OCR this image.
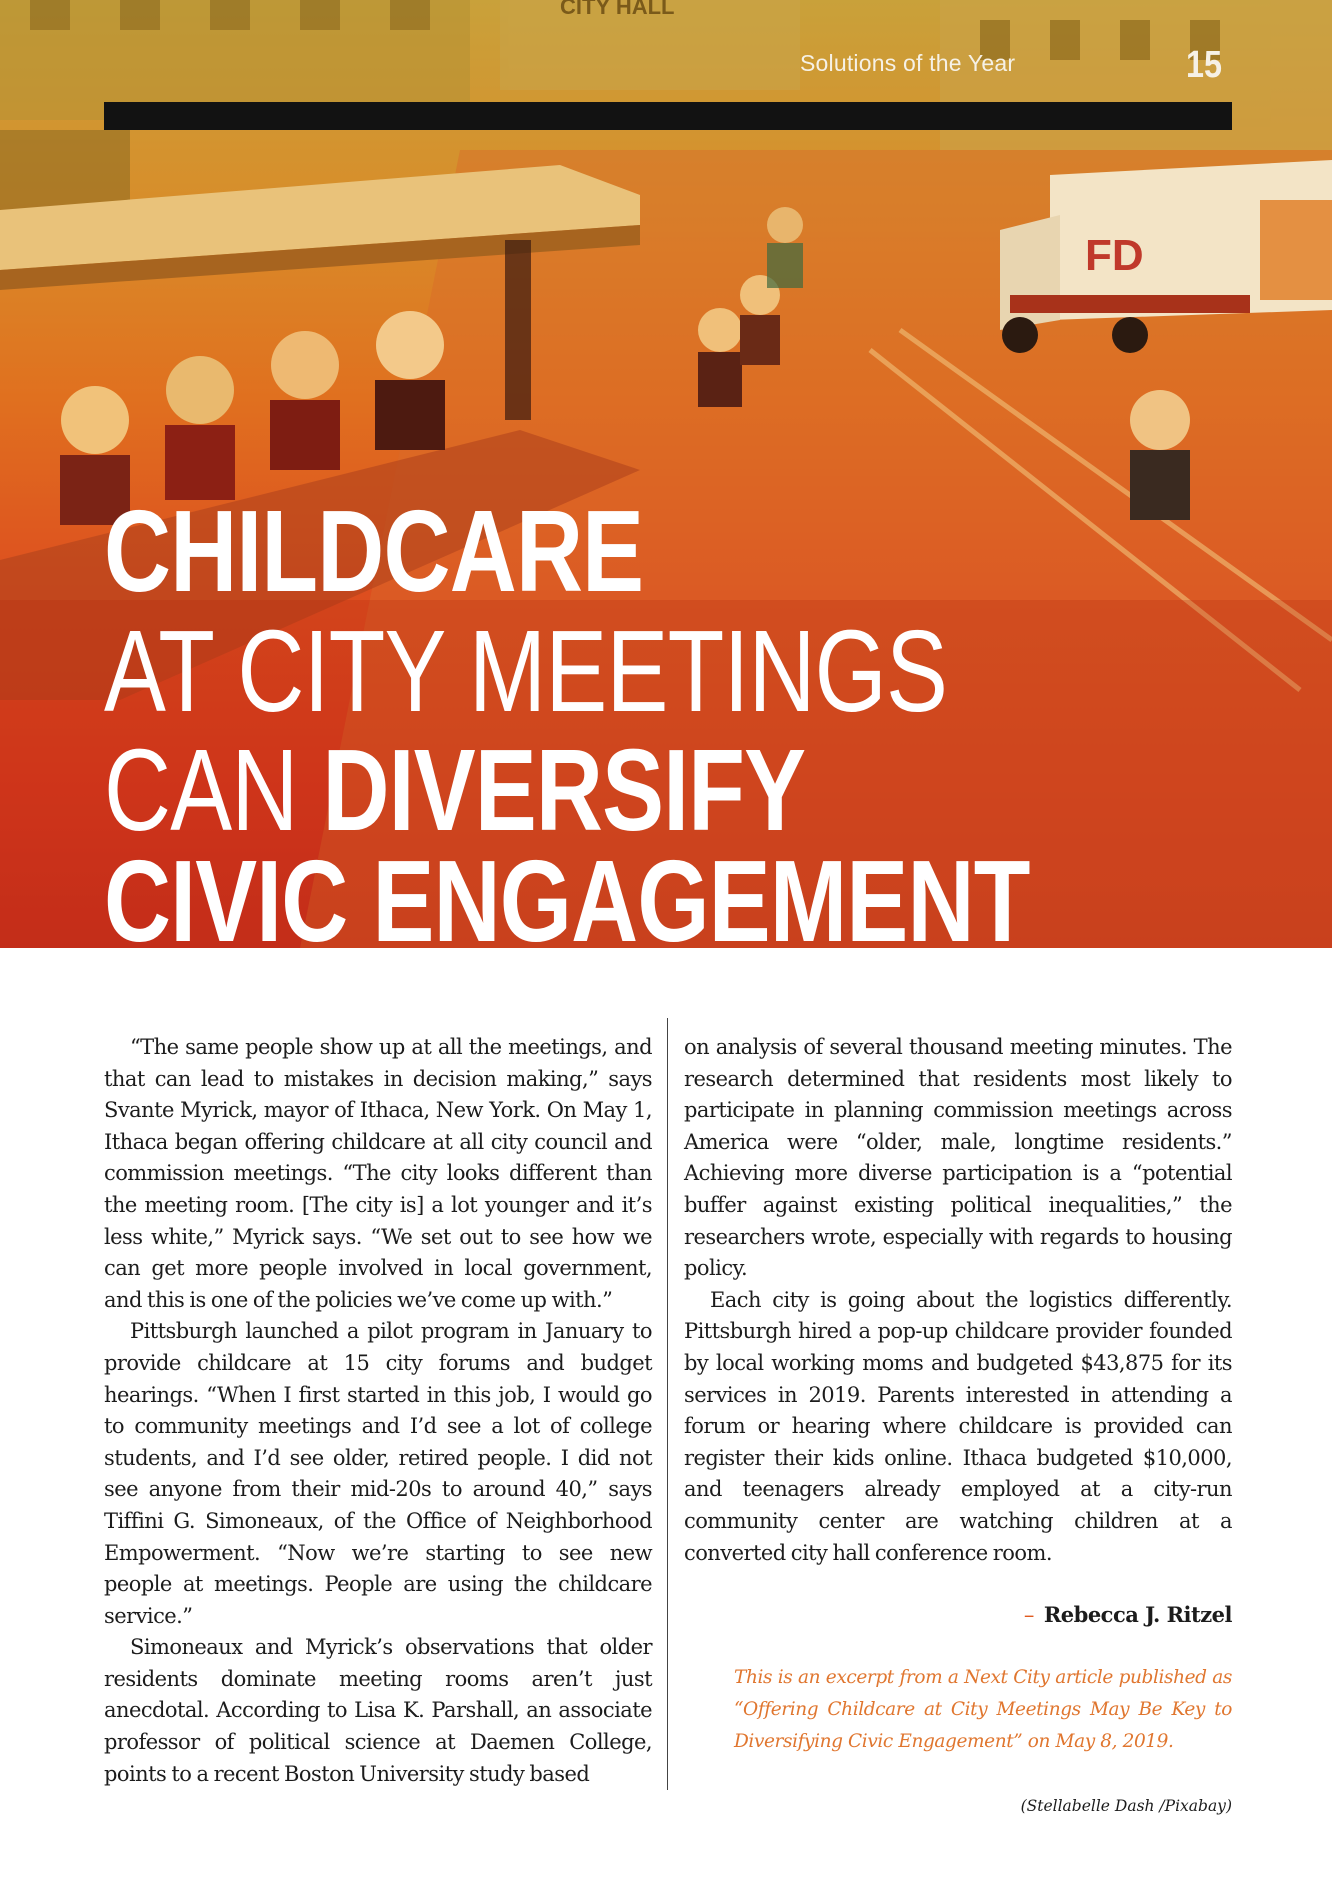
CITY HALL
FD
Solutions of the Year	15
CHILDCARE
AT CITY MEETINGS
CAN DIVERSIFY
CIVIC ENGAGEMENT

“The same people show up at all the meetings, and that can lead to mistakes in decision making,” says Svante Myrick, mayor of Ithaca, New York. On May 1, Ithaca began offering childcare at all city council and commission meetings. “The city looks different than the meeting room. [The city is] a lot younger and it’s less white,” Myrick says. “We set out to see how we can get more people involved in local government, and this is one of the policies we’ve come up with.”

Pittsburgh launched a pilot program in January to provide childcare at 15 city forums and budget hearings. “When I first started in this job, I would go to community meetings and I’d see a lot of college students, and I’d see older, retired people. I did not see anyone from their mid-20s to around 40,” says Tiffini G. Simoneaux, of the Office of Neighborhood Empowerment. “Now we’re starting to see new people at meetings. People are using the childcare service.”

Simoneaux and Myrick’s observations that older residents dominate meeting rooms aren’t just anecdotal. According to Lisa K. Parshall, an associate professor of political science at Daemen College, points to a recent Boston University study based

on analysis of several thousand meeting minutes. The research determined that residents most likely to participate in planning commission meetings across America were “older, male, longtime residents.” Achieving more diverse participation is a “potential buffer against existing political inequalities,” the researchers wrote, especially with regards to housing policy.

Each city is going about the logistics differently. Pittsburgh hired a pop-up childcare provider founded by local working moms and budgeted $43,875 for its services in 2019. Parents interested in attending a forum or hearing where childcare is provided can register their kids online. Ithaca budgeted $10,000, and teenagers already employed at a city-run community center are watching children at a converted city hall conference room.

– Rebecca J. Ritzel
This is an excerpt from a Next City article published as “Offering Childcare at City Meetings May Be Key to Diversifying Civic Engagement” on May 8, 2019.
(Stellabelle Dash /Pixabay)
